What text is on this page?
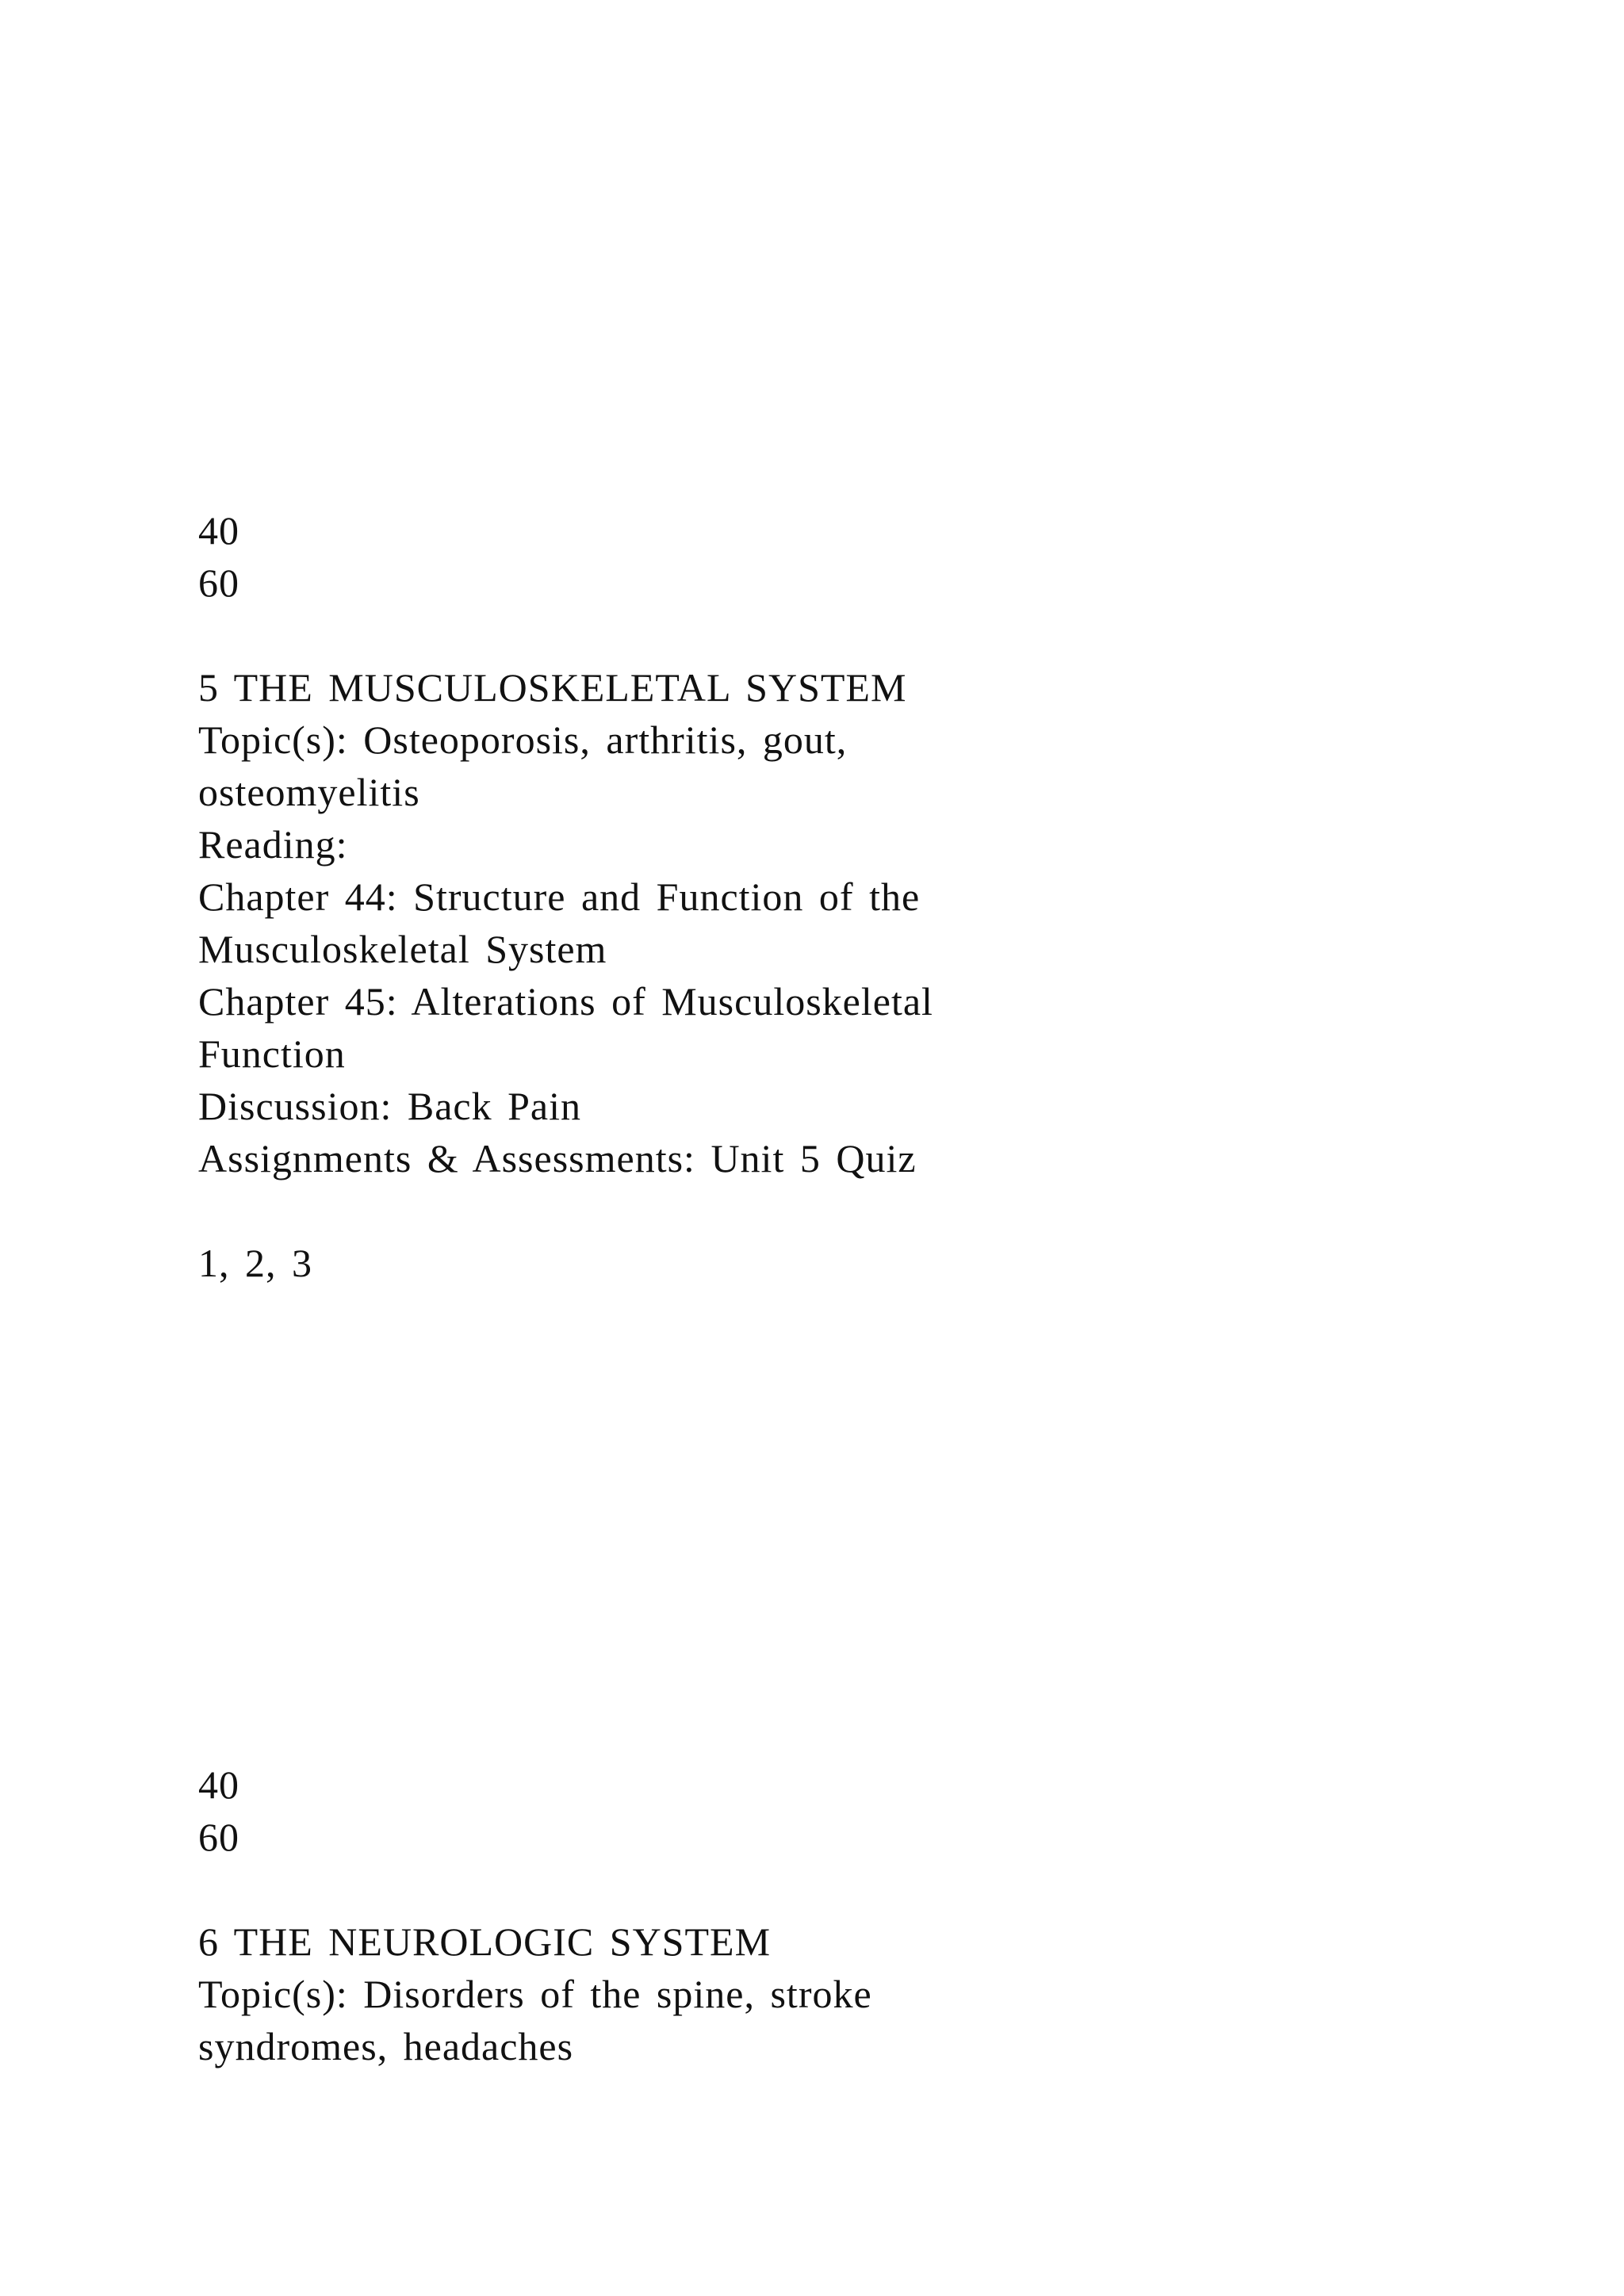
40
60
5 THE MUSCULOSKELETAL SYSTEM
Topic(s): Osteoporosis, arthritis, gout,
osteomyelitis
Reading:
Chapter 44: Structure and Function of the
Musculoskeletal System
Chapter 45: Alterations of Musculoskeletal
Function
Discussion: Back Pain
Assignments & Assessments: Unit 5 Quiz
1, 2, 3
40
60
6 THE NEUROLOGIC SYSTEM
Topic(s): Disorders of the spine, stroke
syndromes, headaches
